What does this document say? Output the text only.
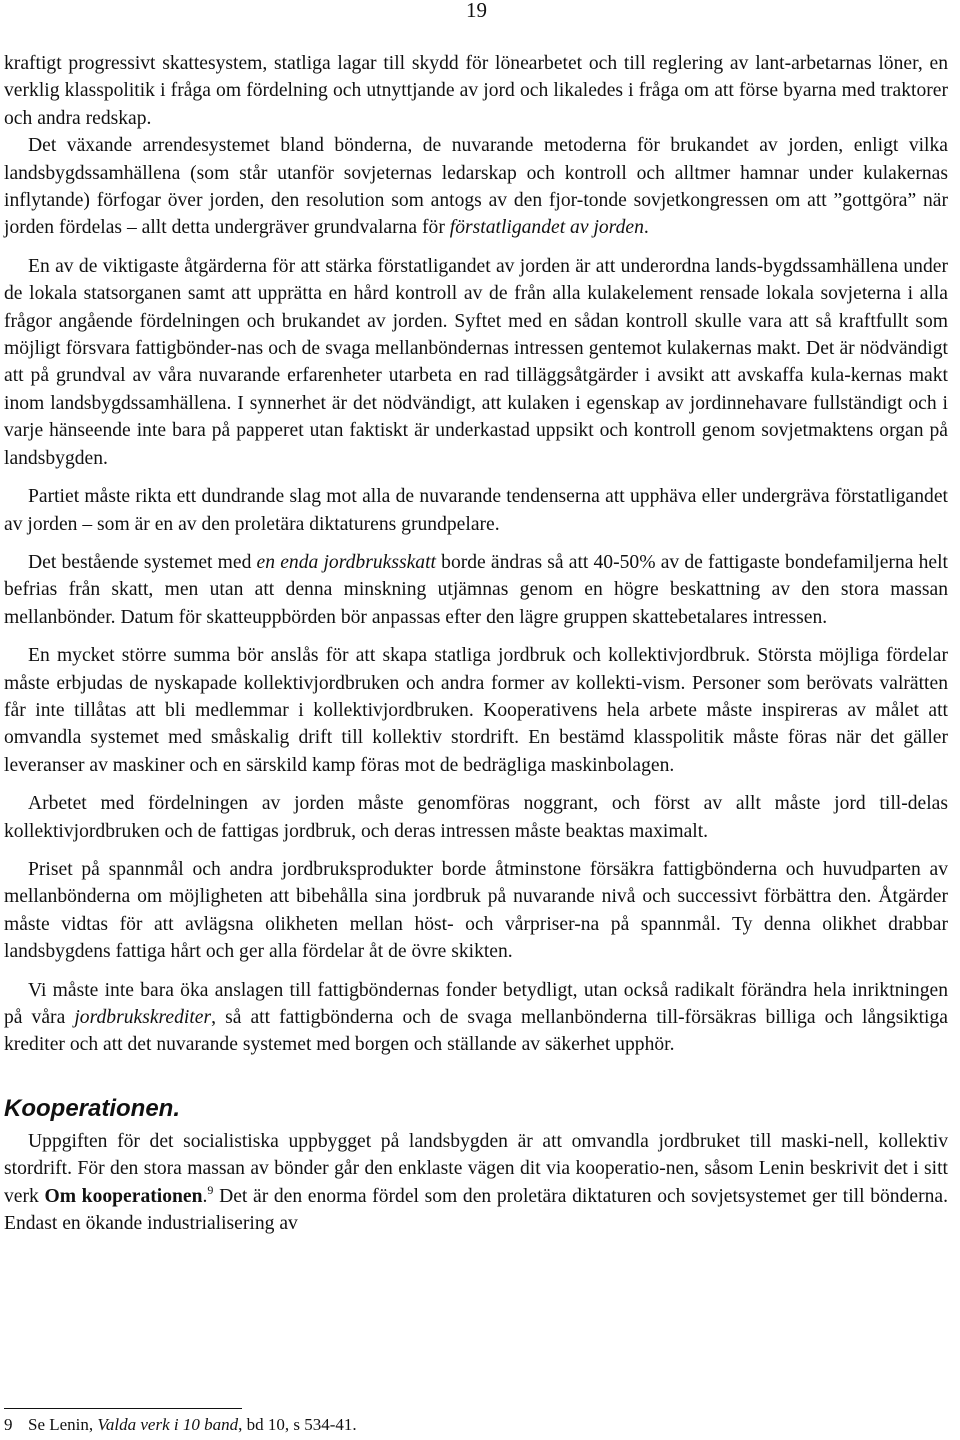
19

kraftigt progressivt skattesystem, statliga lagar till skydd för lönearbetet och till reglering av lant-arbetarnas löner, en verklig klasspolitik i fråga om fördelning och utnyttjande av jord och likaledes i fråga om att förse byarna med traktorer och andra redskap.

Det växande arrendesystemet bland bönderna, de nuvarande metoderna för brukandet av jorden, enligt vilka landsbygdssamhällena (som står utanför sovjeternas ledarskap och kontroll och alltmer hamnar under kulakernas inflytande) förfogar över jorden, den resolution som antogs av den fjor-tonde sovjetkongressen om att ”gottgöra” när jorden fördelas – allt detta undergräver grundvalarna för förstatligandet av jorden.

En av de viktigaste åtgärderna för att stärka förstatligandet av jorden är att underordna lands-bygdssamhällena under de lokala statsorganen samt att upprätta en hård kontroll av de från alla kulakelement rensade lokala sovjeterna i alla frågor angående fördelningen och brukandet av jorden. Syftet med en sådan kontroll skulle vara att så kraftfullt som möjligt försvara fattigbönder-nas och de svaga mellanböndernas intressen gentemot kulakernas makt. Det är nödvändigt att på grundval av våra nuvarande erfarenheter utarbeta en rad tilläggsåtgärder i avsikt att avskaffa kula-kernas makt inom landsbygdssamhällena. I synnerhet är det nödvändigt, att kulaken i egenskap av jordinnehavare fullständigt och i varje hänseende inte bara på papperet utan faktiskt är underkastad uppsikt och kontroll genom sovjetmaktens organ på landsbygden.

Partiet måste rikta ett dundrande slag mot alla de nuvarande tendenserna att upphäva eller undergräva förstatligandet av jorden – som är en av den proletära diktaturens grundpelare.

Det bestående systemet med en enda jordbruksskatt borde ändras så att 40-50% av de fattigaste bondefamiljerna helt befrias från skatt, men utan att denna minskning utjämnas genom en högre beskattning av den stora massan mellanbönder. Datum för skatteuppbörden bör anpassas efter den lägre gruppen skattebetalares intressen.

En mycket större summa bör anslås för att skapa statliga jordbruk och kollektivjordbruk. Största möjliga fördelar måste erbjudas de nyskapade kollektivjordbruken och andra former av kollekti-vism. Personer som berövats valrätten får inte tillåtas att bli medlemmar i kollektivjordbruken. Kooperativens hela arbete måste inspireras av målet att omvandla systemet med småskalig drift till kollektiv stordrift. En bestämd klasspolitik måste föras när det gäller leveranser av maskiner och en särskild kamp föras mot de bedrägliga maskinbolagen.

Arbetet med fördelningen av jorden måste genomföras noggrant, och först av allt måste jord till-delas kollektivjordbruken och de fattigas jordbruk, och deras intressen måste beaktas maximalt.

Priset på spannmål och andra jordbruksprodukter borde åtminstone försäkra fattigbönderna och huvudparten av mellanbönderna om möjligheten att bibehålla sina jordbruk på nuvarande nivå och successivt förbättra den. Åtgärder måste vidtas för att avlägsna olikheten mellan höst- och vårpriser-na på spannmål. Ty denna olikhet drabbar landsbygdens fattiga hårt och ger alla fördelar åt de övre skikten.

Vi måste inte bara öka anslagen till fattigböndernas fonder betydligt, utan också radikalt förändra hela inriktningen på våra jordbrukskrediter, så att fattigbönderna och de svaga mellanbönderna till-försäkras billiga och långsiktiga krediter och att det nuvarande systemet med borgen och ställande av säkerhet upphör.

Kooperationen.

Uppgiften för det socialistiska uppbygget på landsbygden är att omvandla jordbruket till maski-nell, kollektiv stordrift. För den stora massan av bönder går den enklaste vägen dit via kooperatio-nen, såsom Lenin beskrivit det i sitt verk Om kooperationen.$^9$ Det är den enorma fördel som den proletära diktaturen och sovjetsystemet ger till bönderna. Endast en ökande industrialisering av

9 Se Lenin, Valda verk i 10 band, bd 10, s 534-41.
